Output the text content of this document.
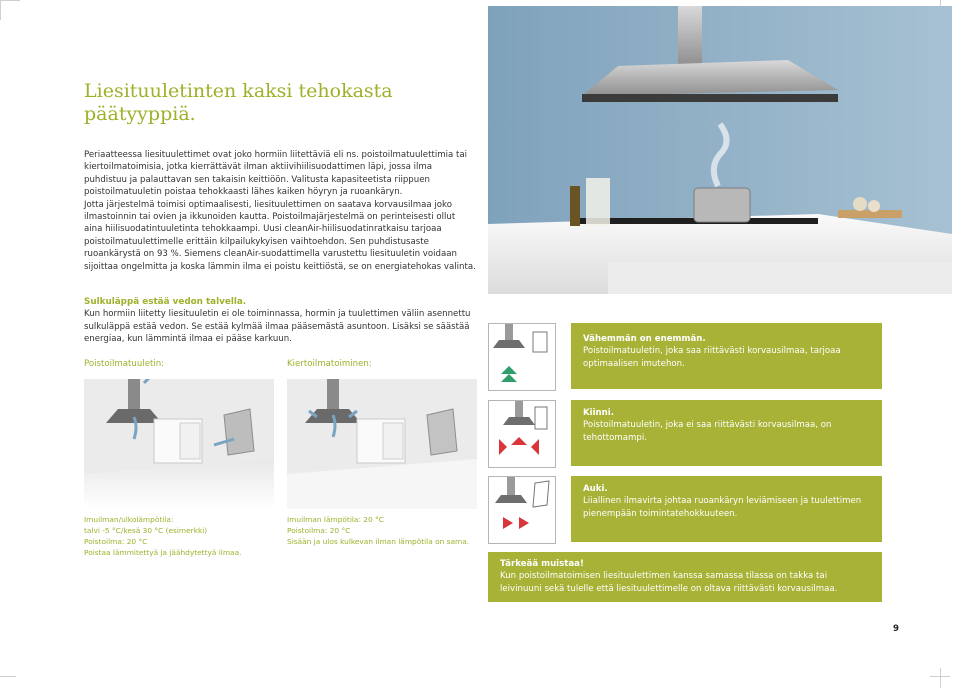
Liesituuletinten kaksi tehokasta päätyyppiä.

Periaatteessa liesituulettimet ovat joko hormiin liitettäviä eli ns. poistoilmatuulettimia tai kiertoilmatoimisia, jotka kierrättävät ilman aktiivihiilisuodattimen läpi, jossa ilma puhdistuu ja palauttavan sen takaisin keittiöön. Valitusta kapasiteetista riippuen poistoilmatuuletin poistaa tehokkaasti lähes kaiken höyryn ja ruoankäryn.

Jotta järjestelmä toimisi optimaalisesti, liesituulettimen on saatava korvausilmaa joko ilmastoinnin tai ovien ja ikkunoiden kautta. Poistoilmajärjestelmä on perinteisesti ollut aina hiilisuodatintuuletinta tehokkaampi. Uusi cleanAir-hiilisuodatinratkaisu tarjoaa poistoilmatuulettimelle erittäin kilpailukykyisen vaihtoehdon. Sen puhdistusaste ruoankärystä on 93 %. Siemens cleanAir-suodattimella varustettu liesituuletin voidaan sijoittaa ongelmitta ja koska lämmin ilma ei poistu keittiöstä, se on energiatehokas valinta.

Sulkuläppä estää vedon talvella.
Kun hormiin liitetty liesituuletin ei ole toiminnassa, hormin ja tuulettimen väliin asennettu sulkuläppä estää vedon. Se estää kylmää ilmaa pääsemästä asuntoon. Lisäksi se säästää energiaa, kun lämmintä ilmaa ei pääse karkuun.
Poistoilmatuuletin:	Kiertoilmatoiminen:
Imuilman/ulkolämpötila:
talvi -5 °C/kesä 30 °C (esimerkki)
Poistoilma: 20 °C
Poistaa lämmitettyä ja jäähdytettyä ilmaa.
Imuilman lämpötila: 20 °C
Poistoilma: 20 °C
Sisään ja ulos kulkevan ilman lämpötila on sama.
Vähemmän on enemmän.
Poistoilmatuuletin, joka saa riittävästi korvausilmaa, tarjoaa optimaalisen imutehon.
Kiinni.
Poistoilmatuuletin, joka ei saa riittävästi korvausilmaa, on tehottomampi.
Auki.
Liiallinen ilmavirta johtaa ruoankäryn leviämiseen ja tuulettimen pienempään toimintatehokkuuteen.
Tärkeää muistaa!
Kun poistoilmatoimisen liesituulettimen kanssa samassa tilassa on takka tai leivinuuni sekä tulelle että liesituulettimelle on oltava riittävästi korvausilmaa.
9
